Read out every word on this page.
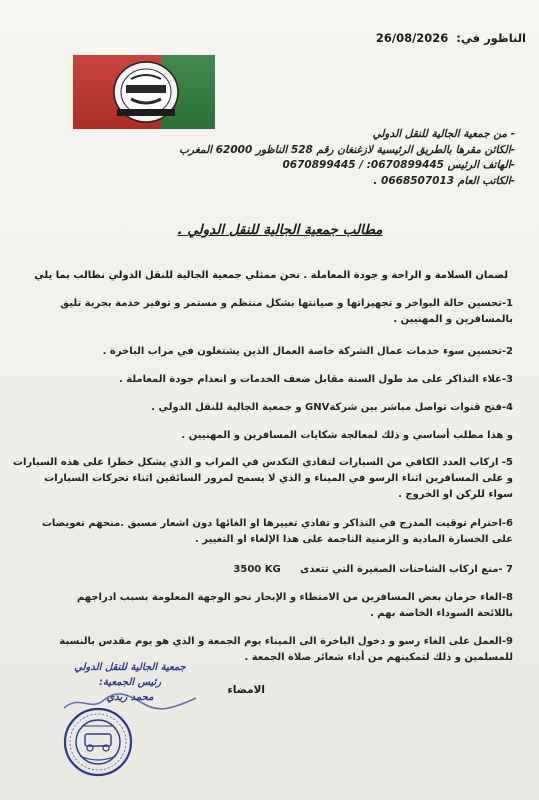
الناظور في: 26/08/2026
- من جمعية الجالية للنقل الدولي
-الكائن مقرها بالطريق الرئيسية لازغنغان رقم 528 الناظور 62000 المغرب
-الهاتف الرئيس 0670899445: / 0670899445
-الكاتب العام 0668507013 .
مطالب جمعية الجالية للنقل الدولي .
لضمان السلامة و الراحة و جودة المعاملة . نحن ممثلي جمعية الجالية للنقل الدولي نطالب بما يلي
1-تحسين حالة البواخر و تجهيزاتها و صيانتها بشكل منتظم و مستمر و توفير خدمة بحرية تليق
بالمسافرين و المهنيين .
2-تحسين سوء خدمات عمال الشركة خاصة العمال الذين يشتغلون في مراب الباخرة .
3-غلاء التذاكر على مد طول السنة مقابل ضعف الخدمات و انعدام جودة المعاملة .
4-فتح قنوات تواصل مباشر بين شركةGNV و جمعية الجالية للنقل الدولي .
و هذا مطلب أساسي و ذلك لمعالجة شكايات المسافرين و المهنيين .
5- اركاب العدد الكافي من السيارات لتفادي التكدس في المراب و الذي يشكل خطرا على هذه السيارات
و على المسافرين اثناء الرسو في الميناء و الذي لا يسمح لمرور السائقين اثناء تحركات السيارات
سواء للركن او الخروج .
6-احترام توقيت المدرج في التذاكر و تفادي تغييرها او الغائها دون اشعار مسبق .منحهم تعويضات
على الخسارة المادية و الزمنية الناجمة على هذا الإلغاء او التغيير .
7 -منع اركاب الشاحنات الصغيرة التي تتعدى 3500 KG
8-الغاء حرمان بعض المسافرين من الامتطاء و الإبحار نحو الوجهة المعلومة بسبب ادراجهم
باللائحة السوداء الخاصة بهم .
9-العمل على الغاء رسو و دخول الباخرة الى الميناء يوم الجمعة و الذي هو يوم مقدس بالنسبة
للمسلمين و ذلك لتمكينهم من أداء شعائر صلاة الجمعة .
الامضاء
جمعية الجالية للنقل الدولي
رئيس الجمعية:
محمد زيدي
